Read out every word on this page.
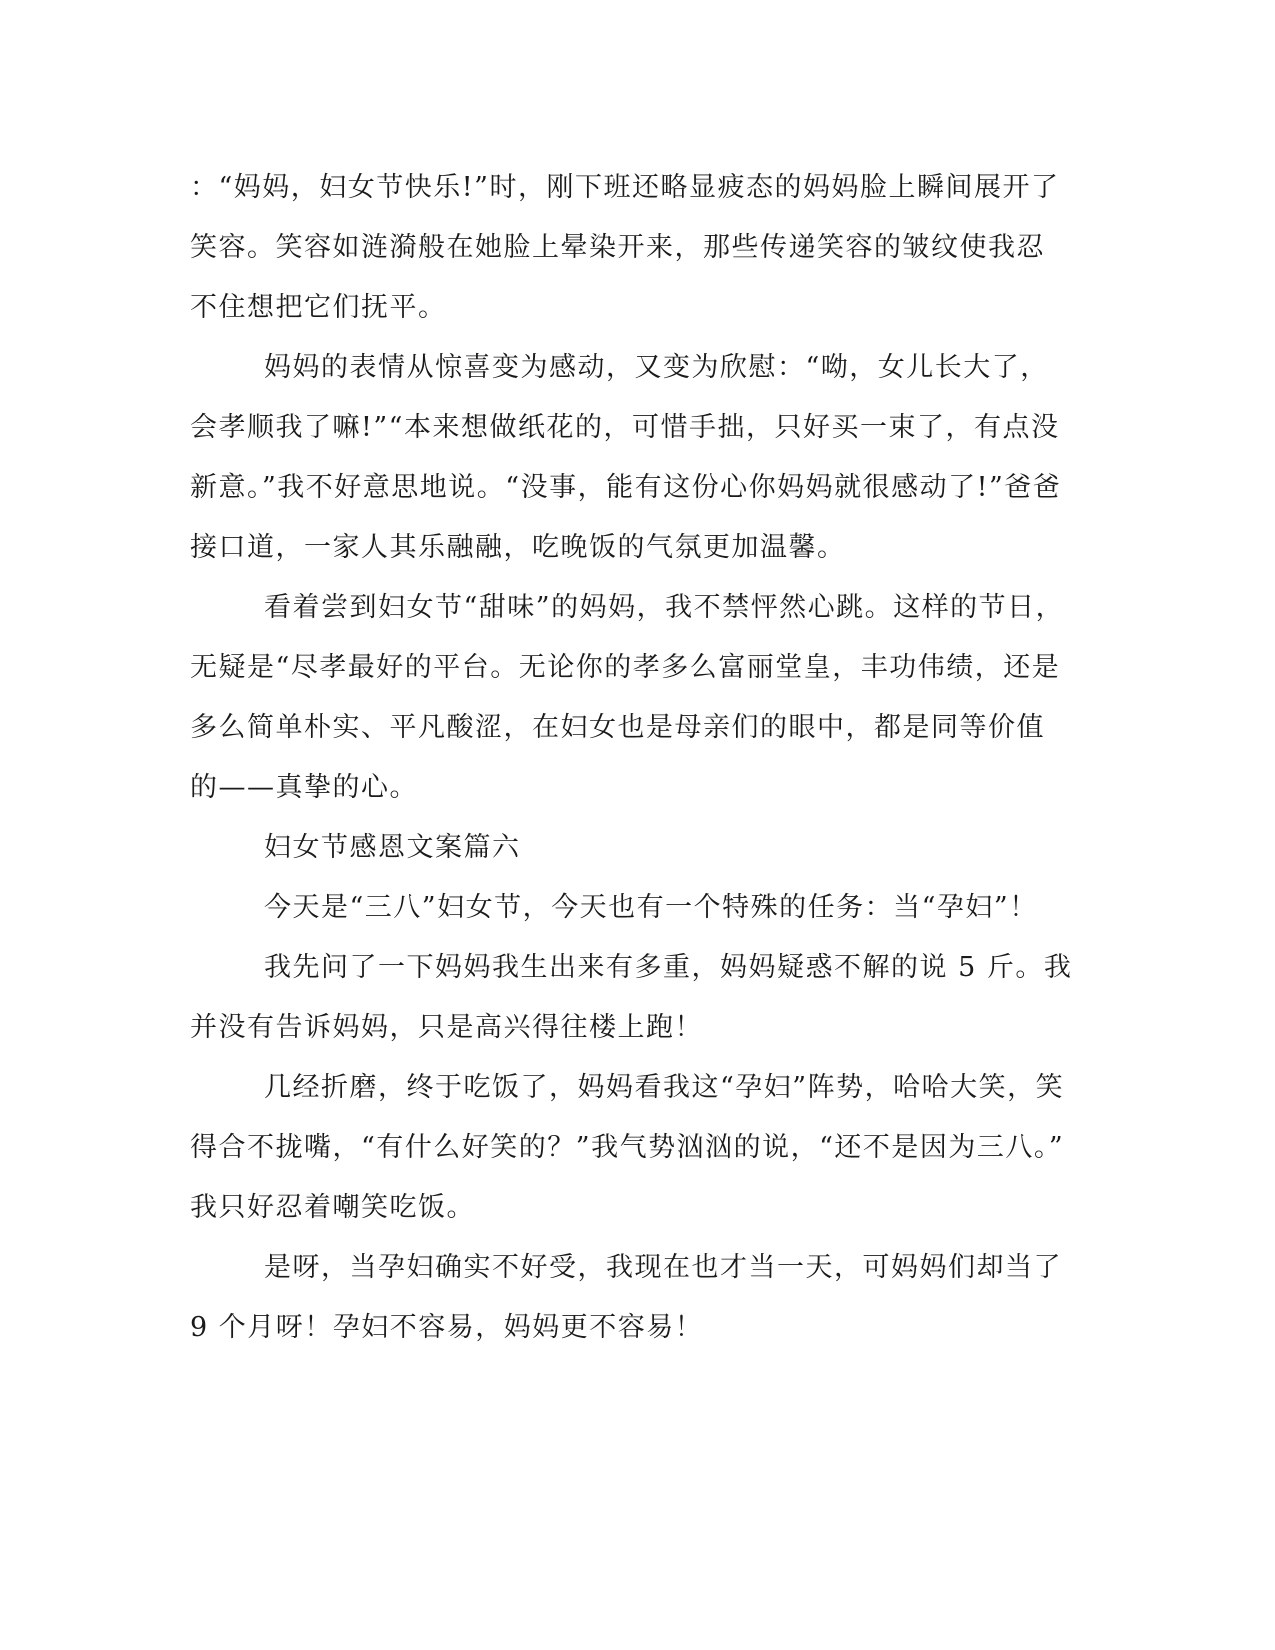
：“妈妈，妇女节快乐!”时，刚下班还略显疲态的妈妈脸上瞬间展开了
笑容。笑容如涟漪般在她脸上晕染开来，那些传递笑容的皱纹使我忍
不住想把它们抚平。
妈妈的表情从惊喜变为感动，又变为欣慰：“呦，女儿长大了，
会孝顺我了嘛!”“本来想做纸花的，可惜手拙，只好买一束了，有点没
新意。”我不好意思地说。“没事，能有这份心你妈妈就很感动了!”爸爸
接口道，一家人其乐融融，吃晚饭的气氛更加温馨。
看着尝到妇女节“甜味”的妈妈，我不禁怦然心跳。这样的节日，
无疑是“尽孝最好的平台。无论你的孝多么富丽堂皇，丰功伟绩，还是
多么简单朴实、平凡酸涩，在妇女也是母亲们的眼中，都是同等价值
的——真挚的心。
妇女节感恩文案篇六
今天是“三八”妇女节，今天也有一个特殊的任务：当“孕妇”！
我先问了一下妈妈我生出来有多重，妈妈疑惑不解的说 5 斤。我
并没有告诉妈妈，只是高兴得往楼上跑！
几经折磨，终于吃饭了，妈妈看我这“孕妇”阵势，哈哈大笑，笑
得合不拢嘴，“有什么好笑的？”我气势汹汹的说，“还不是因为三八。”
我只好忍着嘲笑吃饭。
是呀，当孕妇确实不好受，我现在也才当一天，可妈妈们却当了
9 个月呀！孕妇不容易，妈妈更不容易！
